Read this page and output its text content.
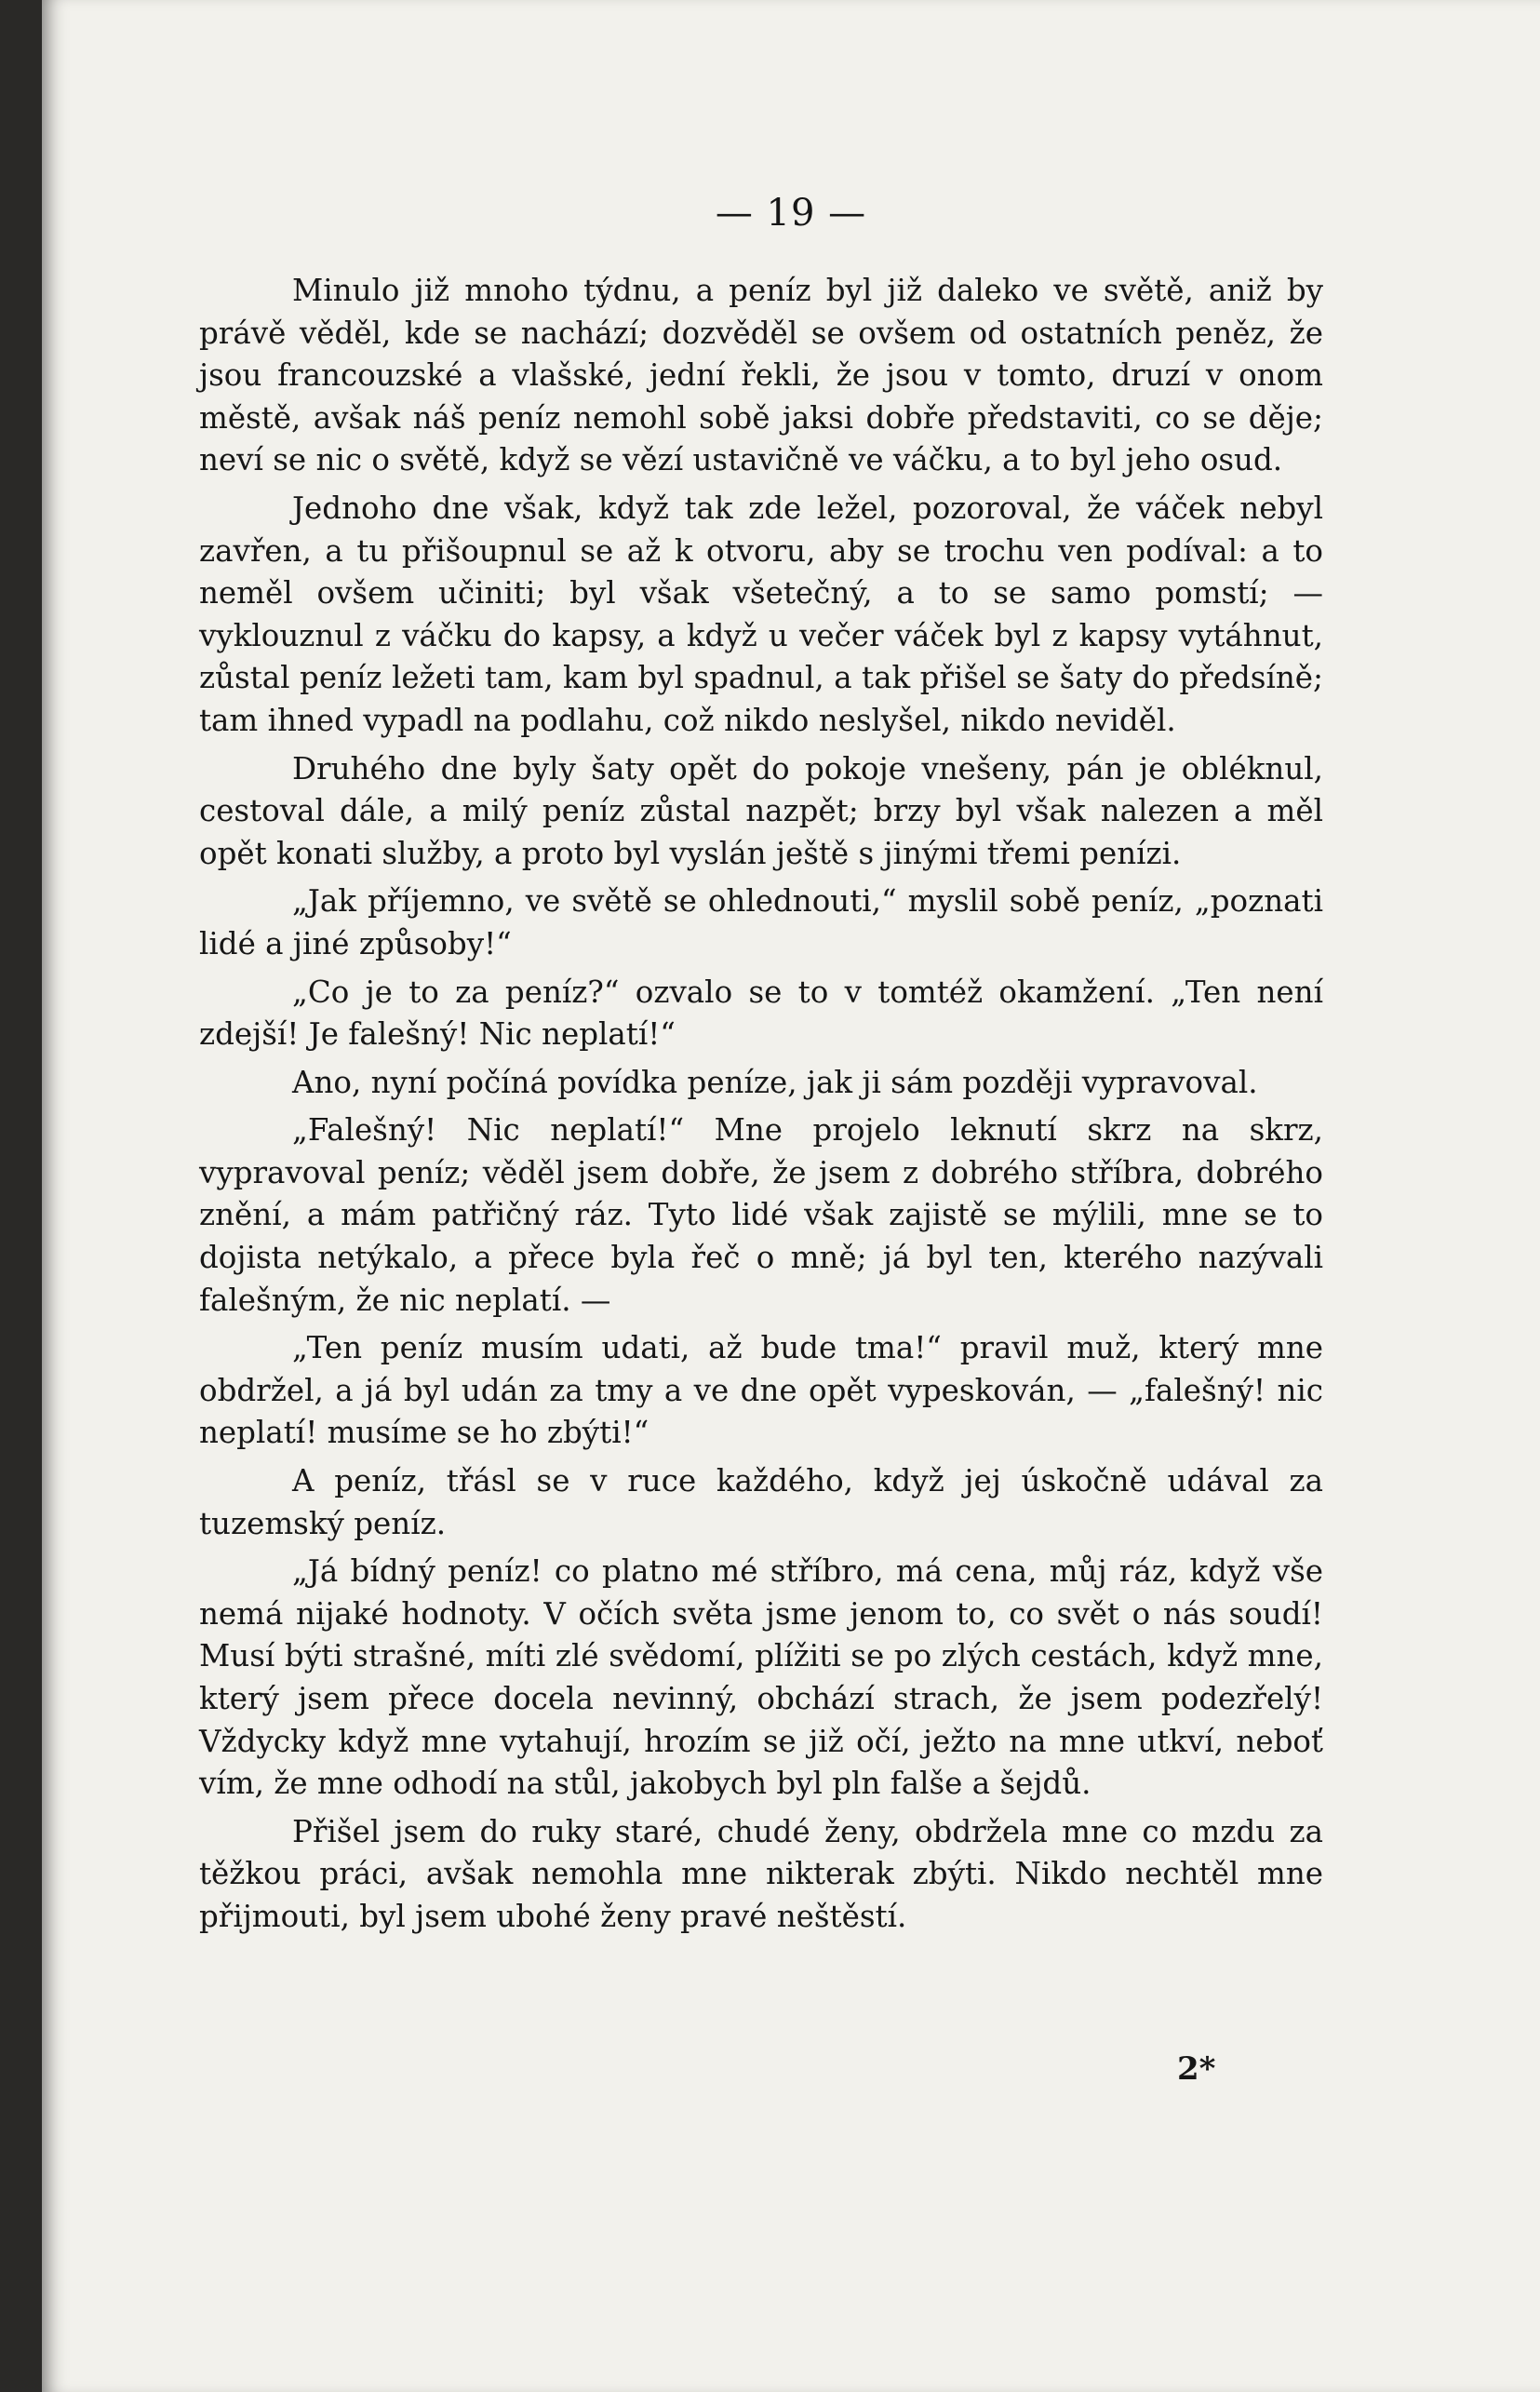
— 19 —

Minulo již mnoho týdnu, a peníz byl již daleko ve světě, aniž by právě věděl, kde se nachází; dozvěděl se ovšem od ostatních peněz, že jsou francouzské a vlašské, jední řekli, že jsou v tomto, druzí v onom městě, avšak náš peníz nemohl sobě jaksi dobře představiti, co se děje; neví se nic o světě, když se vězí ustavičně ve váčku, a to byl jeho osud.

Jednoho dne však, když tak zde ležel, pozoroval, že váček nebyl zavřen, a tu přišoupnul se až k otvoru, aby se trochu ven podíval: a to neměl ovšem učiniti; byl však všetečný, a to se samo pomstí; — vyklouznul z váčku do kapsy, a když u večer váček byl z kapsy vytáhnut, zůstal peníz ležeti tam, kam byl spadnul, a tak přišel se šaty do předsíně; tam ihned vypadl na podlahu, což nikdo neslyšel, nikdo neviděl.

Druhého dne byly šaty opět do pokoje vnešeny, pán je obléknul, cestoval dále, a milý peníz zůstal nazpět; brzy byl však nalezen a měl opět konati služby, a proto byl vyslán ještě s jinými třemi penízi.

„Jak příjemno, ve světě se ohlednouti,“ myslil sobě peníz, „poznati lidé a jiné způsoby!“

„Co je to za peníz?“ ozvalo se to v tomtéž okamžení. „Ten není zdejší! Je falešný! Nic neplatí!“

Ano, nyní počíná povídka peníze, jak ji sám později vypravoval.

„Falešný! Nic neplatí!“ Mne projelo leknutí skrz na skrz, vypravoval peníz; věděl jsem dobře, že jsem z dobrého stříbra, dobrého znění, a mám patřičný ráz. Tyto lidé však zajistě se mýlili, mne se to dojista netýkalo, a přece byla řeč o mně; já byl ten, kterého nazývali falešným, že nic neplatí. —

„Ten peníz musím udati, až bude tma!“ pravil muž, který mne obdržel, a já byl udán za tmy a ve dne opět vypeskován, — „falešný! nic neplatí! musíme se ho zbýti!“

A peníz, třásl se v ruce každého, když jej úskočně udával za tuzemský peníz.

„Já bídný peníz! co platno mé stříbro, má cena, můj ráz, když vše nemá nijaké hodnoty. V očích světa jsme jenom to, co svět o nás soudí! Musí býti strašné, míti zlé svědomí, plížiti se po zlých cestách, když mne, který jsem přece docela nevinný, obchází strach, že jsem podezřelý! Vždycky když mne vytahují, hrozím se již očí, ježto na mne utkví, neboť vím, že mne odhodí na stůl, jakobych byl pln falše a šejdů.

Přišel jsem do ruky staré, chudé ženy, obdržela mne co mzdu za těžkou práci, avšak nemohla mne nikterak zbýti. Nikdo nechtěl mne přijmouti, byl jsem ubohé ženy pravé neštěstí.

2*
